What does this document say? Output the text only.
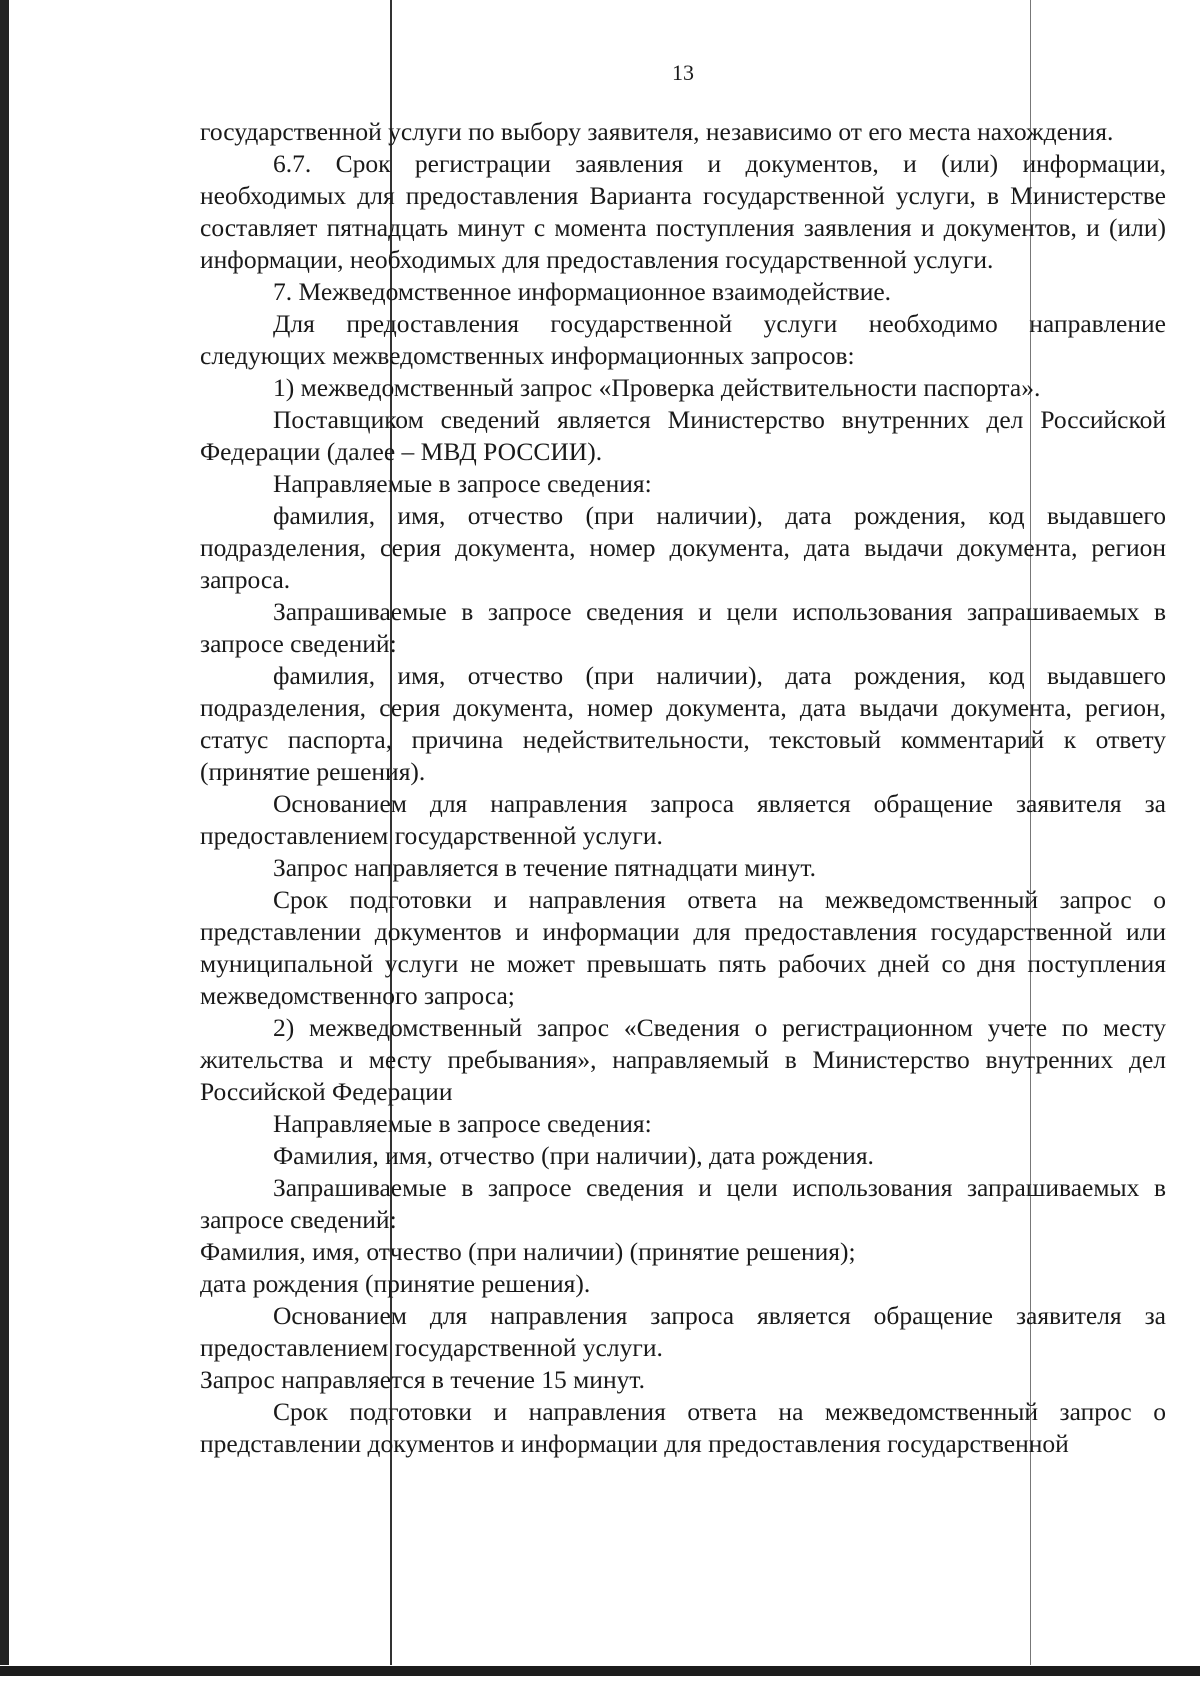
13

государственной услуги по выбору заявителя, независимо от его места нахождения.

6.7. Срок регистрации заявления и документов, и (или) информации, необходимых для предоставления Варианта государственной услуги, в Министерстве составляет пятнадцать минут с момента поступления заявления и документов, и (или) информации, необходимых для предоставления государственной услуги.

7. Межведомственное информационное взаимодействие.

Для предоставления государственной услуги необходимо направление следующих межведомственных информационных запросов:

1) межведомственный запрос «Проверка действительности паспорта».

Поставщиком сведений является Министерство внутренних дел Российской Федерации (далее – МВД РОССИИ).

Направляемые в запросе сведения:

фамилия, имя, отчество (при наличии), дата рождения, код выдавшего подразделения, серия документа, номер документа, дата выдачи документа, регион запроса.

Запрашиваемые в запросе сведения и цели использования запрашиваемых в запросе сведений:

фамилия, имя, отчество (при наличии), дата рождения, код выдавшего подразделения, серия документа, номер документа, дата выдачи документа, регион, статус паспорта, причина недействительности, текстовый комментарий к ответу (принятие решения).

Основанием для направления запроса является обращение заявителя за предоставлением государственной услуги.

Запрос направляется в течение пятнадцати минут.

Срок подготовки и направления ответа на межведомственный запрос о представлении документов и информации для предоставления государственной или муниципальной услуги не может превышать пять рабочих дней со дня поступления межведомственного запроса;

2) межведомственный запрос «Сведения о регистрационном учете по месту жительства и месту пребывания», направляемый в Министерство внутренних дел Российской Федерации

Направляемые в запросе сведения:

Фамилия, имя, отчество (при наличии), дата рождения.

Запрашиваемые в запросе сведения и цели использования запрашиваемых в запросе сведений:

Фамилия, имя, отчество (при наличии) (принятие решения);

дата рождения (принятие решения).

Основанием для направления запроса является обращение заявителя за предоставлением государственной услуги.

Запрос направляется в течение 15 минут.

Срок подготовки и направления ответа на межведомственный запрос о представлении документов и информации для предоставления государственной
